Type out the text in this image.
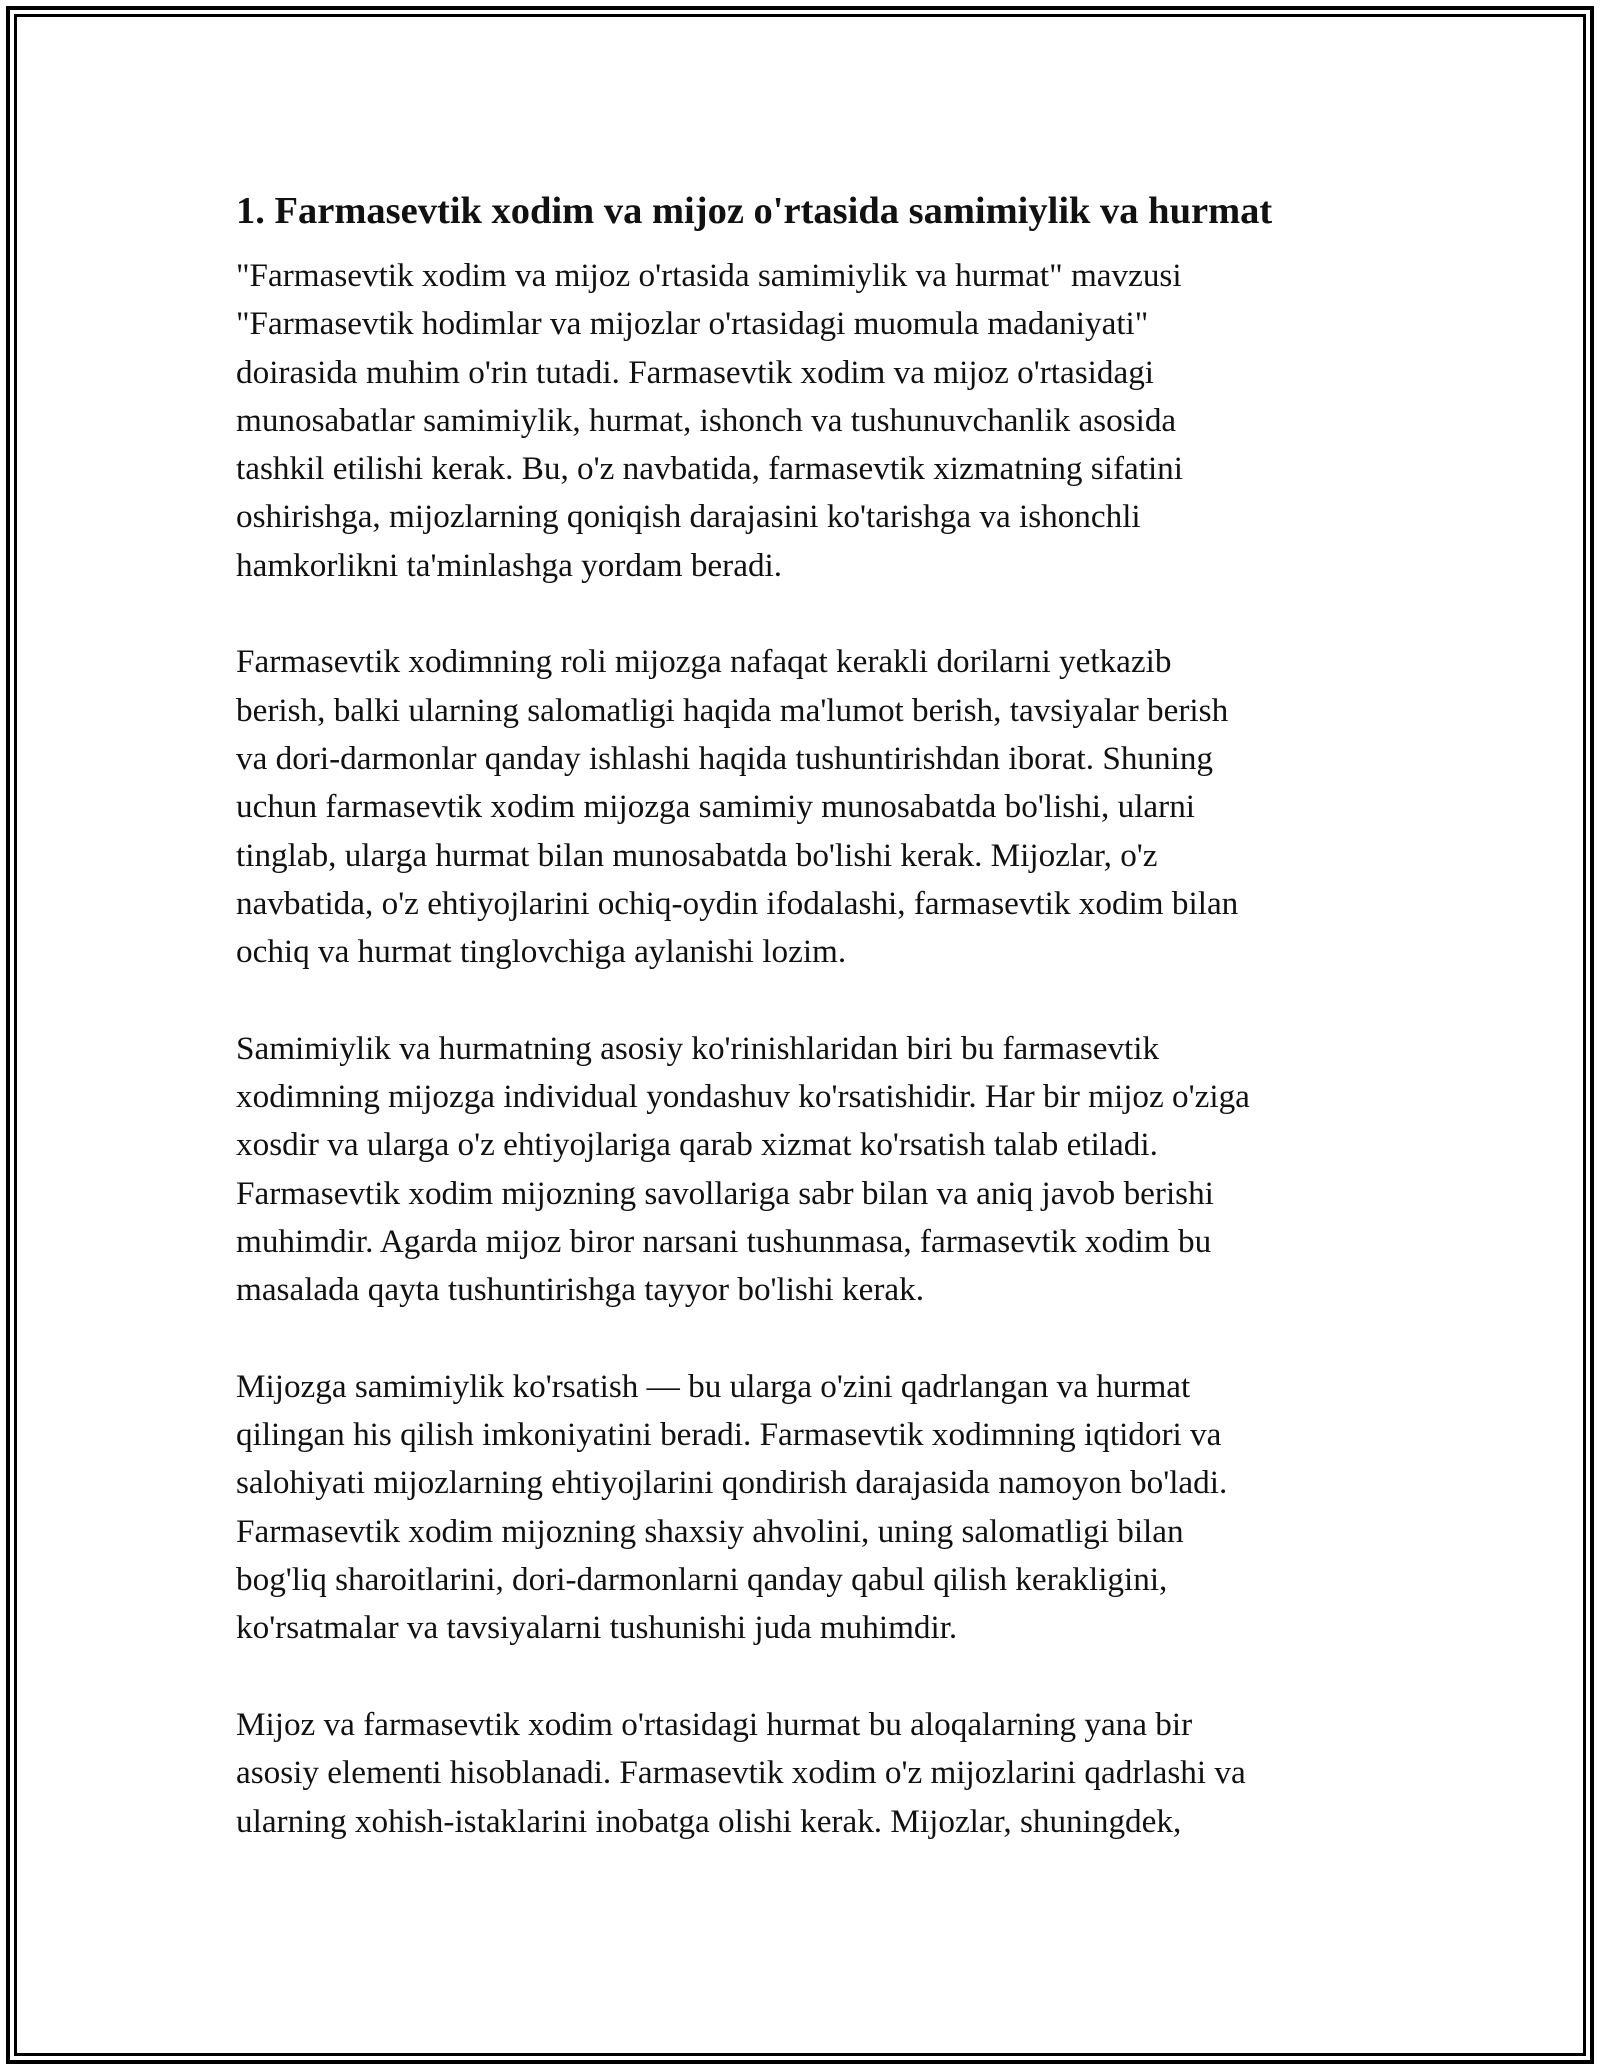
1. Farmasevtik xodim va mijoz o'rtasida samimiylik va hurmat

"Farmasevtik xodim va mijoz o'rtasida samimiylik va hurmat" mavzusi
"Farmasevtik hodimlar va mijozlar o'rtasidagi muomula madaniyati"
doirasida muhim o'rin tutadi. Farmasevtik xodim va mijoz o'rtasidagi
munosabatlar samimiylik, hurmat, ishonch va tushunuvchanlik asosida
tashkil etilishi kerak. Bu, o'z navbatida, farmasevtik xizmatning sifatini
oshirishga, mijozlarning qoniqish darajasini ko'tarishga va ishonchli
hamkorlikni ta'minlashga yordam beradi.

Farmasevtik xodimning roli mijozga nafaqat kerakli dorilarni yetkazib
berish, balki ularning salomatligi haqida ma'lumot berish, tavsiyalar berish
va dori-darmonlar qanday ishlashi haqida tushuntirishdan iborat. Shuning
uchun farmasevtik xodim mijozga samimiy munosabatda bo'lishi, ularni
tinglab, ularga hurmat bilan munosabatda bo'lishi kerak. Mijozlar, o'z
navbatida, o'z ehtiyojlarini ochiq-oydin ifodalashi, farmasevtik xodim bilan
ochiq va hurmat tinglovchiga aylanishi lozim.

Samimiylik va hurmatning asosiy ko'rinishlaridan biri bu farmasevtik
xodimning mijozga individual yondashuv ko'rsatishidir. Har bir mijoz o'ziga
xosdir va ularga o'z ehtiyojlariga qarab xizmat ko'rsatish talab etiladi.
Farmasevtik xodim mijozning savollariga sabr bilan va aniq javob berishi
muhimdir. Agarda mijoz biror narsani tushunmasa, farmasevtik xodim bu
masalada qayta tushuntirishga tayyor bo'lishi kerak.

Mijozga samimiylik ko'rsatish — bu ularga o'zini qadrlangan va hurmat
qilingan his qilish imkoniyatini beradi. Farmasevtik xodimning iqtidori va
salohiyati mijozlarning ehtiyojlarini qondirish darajasida namoyon bo'ladi.
Farmasevtik xodim mijozning shaxsiy ahvolini, uning salomatligi bilan
bog'liq sharoitlarini, dori-darmonlarni qanday qabul qilish kerakligini,
ko'rsatmalar va tavsiyalarni tushunishi juda muhimdir.

Mijoz va farmasevtik xodim o'rtasidagi hurmat bu aloqalarning yana bir
asosiy elementi hisoblanadi. Farmasevtik xodim o'z mijozlarini qadrlashi va
ularning xohish-istaklarini inobatga olishi kerak. Mijozlar, shuningdek,
